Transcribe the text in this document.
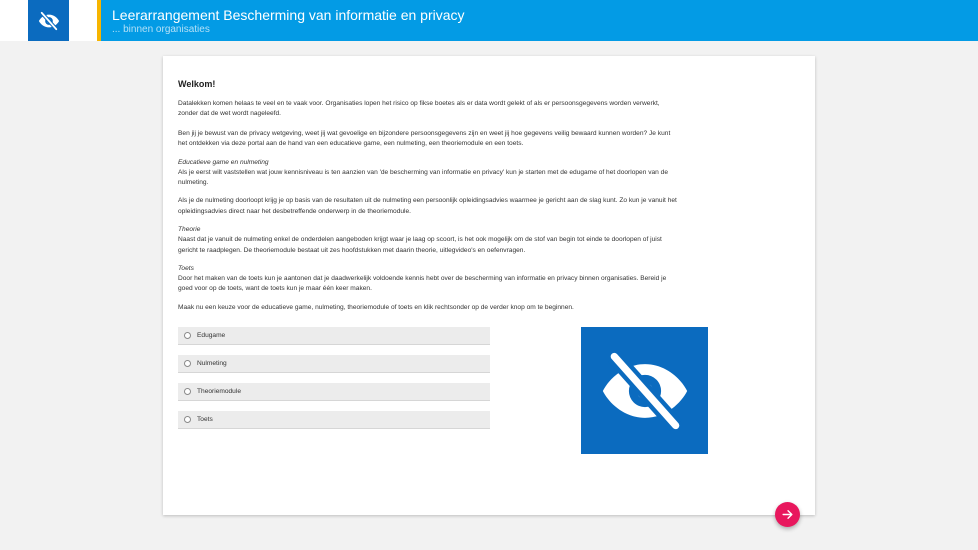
Leerarrangement Bescherming van informatie en privacy
... binnen organisaties
Welkom!

Datalekken komen helaas te veel en te vaak voor. Organisaties lopen het risico op fikse boetes als er data wordt gelekt of als er persoonsgegevens worden verwerkt, zonder dat de wet wordt nageleefd.

Ben jij je bewust van de privacy wetgeving, weet jij wat gevoelige en bijzondere persoonsgegevens zijn en weet jij hoe gegevens veilig bewaard kunnen worden? Je kunt het ontdekken via deze portal aan de hand van een educatieve game, een nulmeting, een theoriemodule en een toets.

Educatieve game en nulmeting

Als je eerst wilt vaststellen wat jouw kennisniveau is ten aanzien van 'de bescherming van informatie en privacy' kun je starten met de edugame of het doorlopen van de nulmeting.

Als je de nulmeting doorloopt krijg je op basis van de resultaten uit de nulmeting een persoonlijk opleidingsadvies waarmee je gericht aan de slag kunt. Zo kun je vanuit het opleidingsadvies direct naar het desbetreffende onderwerp in de theoriemodule.

Theorie

Naast dat je vanuit de nulmeting enkel de onderdelen aangeboden krijgt waar je laag op scoort, is het ook mogelijk om de stof van begin tot einde te doorlopen of juist gericht te raadplegen. De theoriemodule bestaat uit zes hoofdstukken met daarin theorie, uitlegvideo's en oefenvragen.

Toets

Door het maken van de toets kun je aantonen dat je daadwerkelijk voldoende kennis hebt over de bescherming van informatie en privacy binnen organisaties. Bereid je goed voor op de toets, want de toets kun je maar één keer maken.

Maak nu een keuze voor de educatieve game, nulmeting, theoriemodule of toets en klik rechtsonder op de verder knop om te beginnen.

Edugame
Nulmeting
Theoriemodule
Toets
